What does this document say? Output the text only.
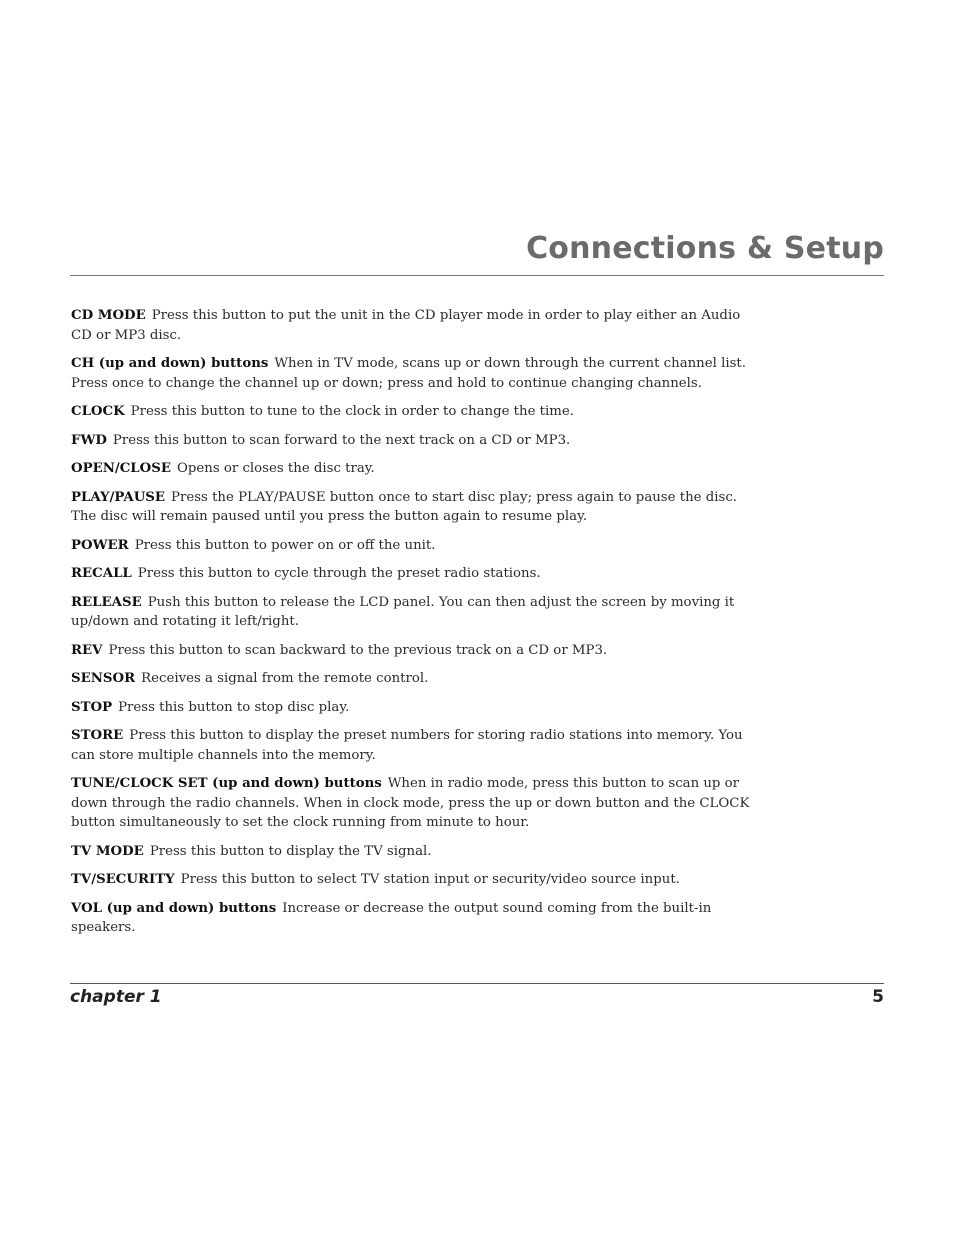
Connections & Setup

CD MODE Press this button to put the unit in the CD player mode in order to play either an Audio CD or MP3 disc.

CH (up and down) buttons When in TV mode, scans up or down through the current channel list. Press once to change the channel up or down; press and hold to continue changing channels.

CLOCK Press this button to tune to the clock in order to change the time.

FWD Press this button to scan forward to the next track on a CD or MP3.

OPEN/CLOSE Opens or closes the disc tray.

PLAY/PAUSE Press the PLAY/PAUSE button once to start disc play; press again to pause the disc. The disc will remain paused until you press the button again to resume play.

POWER Press this button to power on or off the unit.

RECALL Press this button to cycle through the preset radio stations.

RELEASE Push this button to release the LCD panel. You can then adjust the screen by moving it up/down and rotating it left/right.

REV Press this button to scan backward to the previous track on a CD or MP3.

SENSOR Receives a signal from the remote control.

STOP Press this button to stop disc play.

STORE Press this button to display the preset numbers for storing radio stations into memory. You can store multiple channels into the memory.

TUNE/CLOCK SET (up and down) buttons When in radio mode, press this button to scan up or down through the radio channels. When in clock mode, press the up or down button and the CLOCK button simultaneously to set the clock running from minute to hour.

TV MODE Press this button to display the TV signal.

TV/SECURITY Press this button to select TV station input or security/video source input.

VOL (up and down) buttons Increase or decrease the output sound coming from the built-in speakers.

chapter 1	5
